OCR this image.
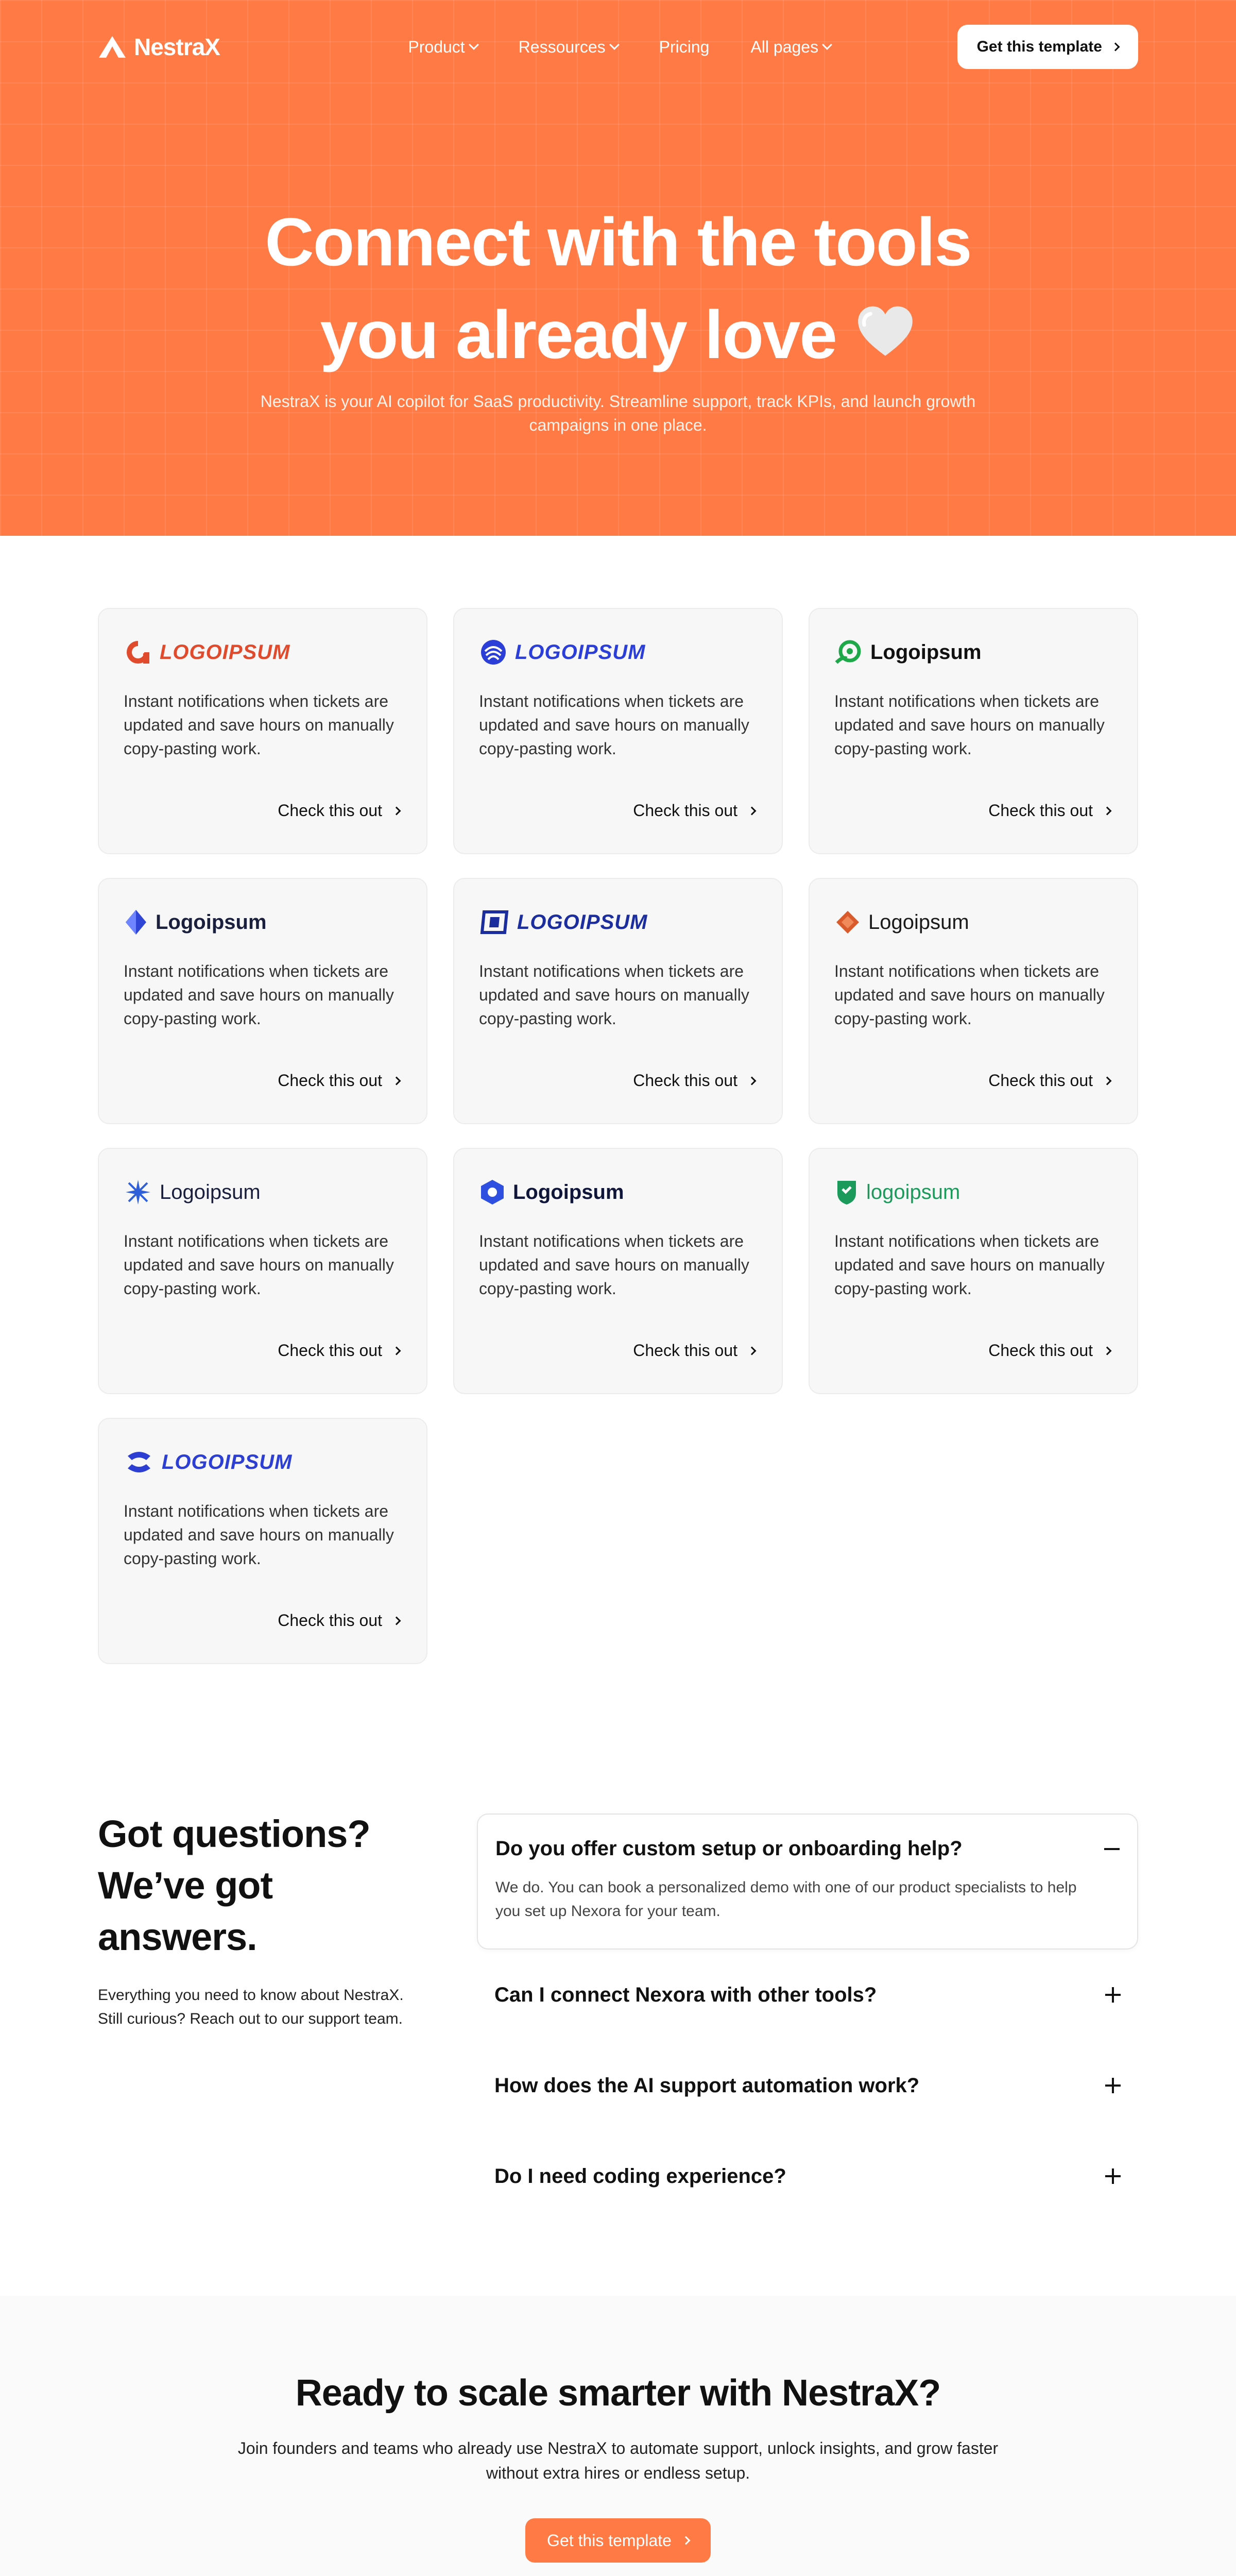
NestraX	Product	Ressources	Pricing	All pages	Get this template
Connect with the tools
you already love

NestraX is your AI copilot for SaaS productivity. Streamline support, track KPIs, and launch growth campaigns in one place.

LOGOIPSUM

Instant notifications when tickets are updated and save hours on manually copy-pasting work.

Check this out
LOGOIPSUM

Instant notifications when tickets are updated and save hours on manually copy-pasting work.

Check this out
Logoipsum

Instant notifications when tickets are updated and save hours on manually copy-pasting work.

Check this out
Logoipsum

Instant notifications when tickets are updated and save hours on manually copy-pasting work.

Check this out
LOGOIPSUM

Instant notifications when tickets are updated and save hours on manually copy-pasting work.

Check this out
Logoipsum

Instant notifications when tickets are updated and save hours on manually copy-pasting work.

Check this out
Logoipsum

Instant notifications when tickets are updated and save hours on manually copy-pasting work.

Check this out
Logoipsum

Instant notifications when tickets are updated and save hours on manually copy-pasting work.

Check this out
logoipsum

Instant notifications when tickets are updated and save hours on manually copy-pasting work.

Check this out
LOGOIPSUM

Instant notifications when tickets are updated and save hours on manually copy-pasting work.

Check this out
Got questions? We’ve got answers.

Everything you need to know about NestraX. Still curious? Reach out to our support team.

Do you offer custom setup or onboarding help?
We do. You can book a personalized demo with one of our product specialists to help you set up Nexora for your team.
Can I connect Nexora with other tools?
How does the AI support automation work?
Do I need coding experience?
Ready to scale smarter with NestraX?

Join founders and teams who already use NestraX to automate support, unlock insights, and grow faster without extra hires or endless setup.

Get this template
